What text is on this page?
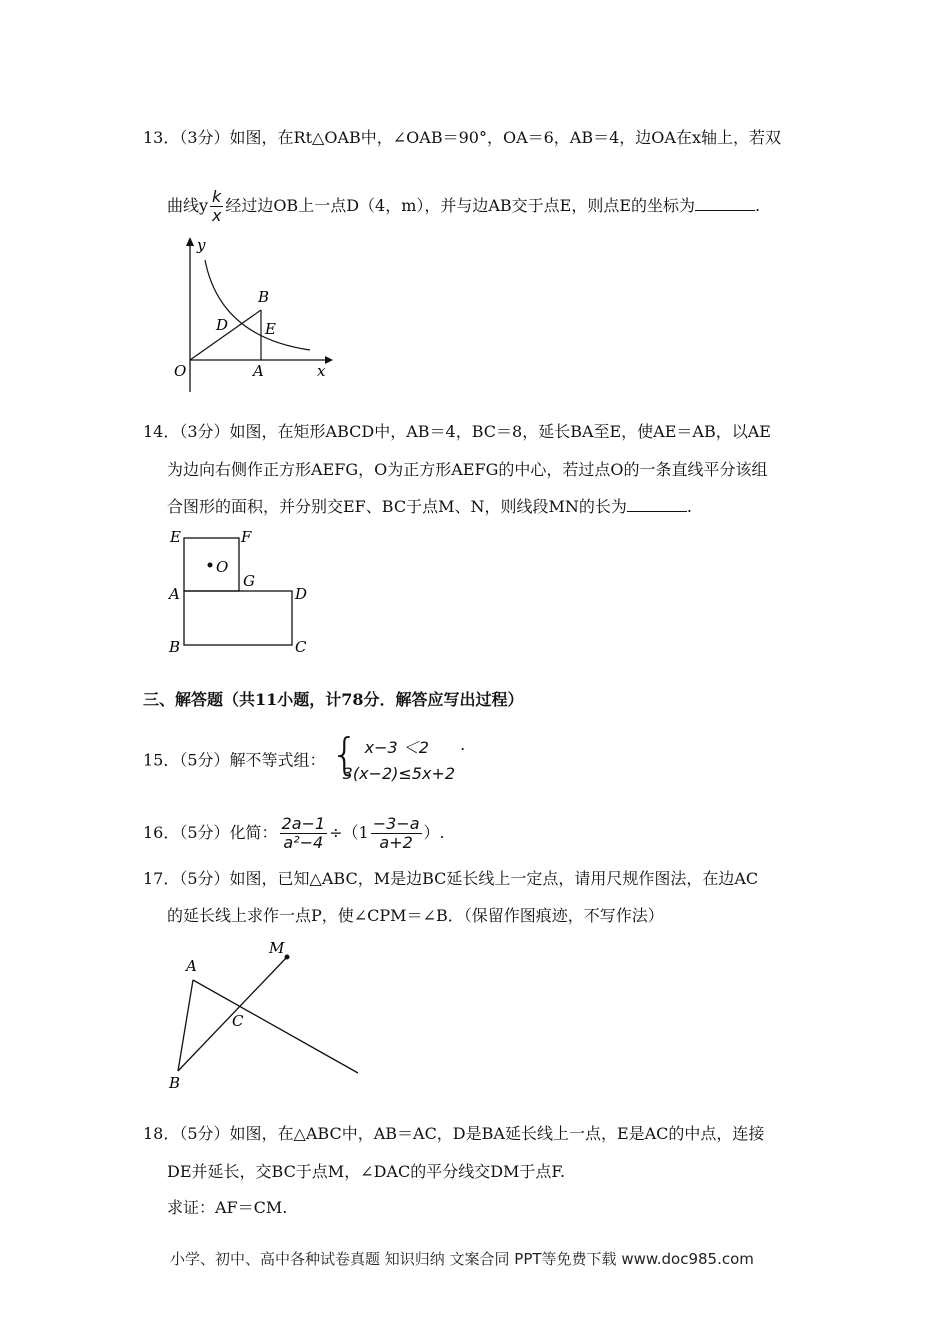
13．（3分）如图，在Rt△OAB中，∠OAB＝90°，OA＝6，AB＝4，边OA在x轴上，若双
曲线y $\frac{k}{x}$ 经过边OB上一点D（4，m），并与边AB交于点E，则点E的坐标为	.
y
B
D E
O	A	x
14．（3分）如图，在矩形ABCD中，AB＝4，BC＝8，延长BA至E，使AE＝AB，以AE
为边向右侧作正方形AEFG，O为正方形AEFG的中心，若过点O的一条直线平分该组
合图形的面积，并分别交EF、BC于点M、N，则线段MN的长为	.
E	F
O
G
A	D
B	C
三、解答题（共11小题，计78分．解答应写出过程）
15．（5分）解不等式组： { x−3 ＜2
3(x−2)≤5x+2
.
16．（5分）化简： $\frac{2a-1}{\text{a²−4}} \div(1 \frac{-3-a}{a+2}$ ）.
17．（5分）如图，已知△ABC，M是边BC延长线上一定点，请用尺规作图法，在边AC
的延长线上求作一点P，使∠CPM＝∠B．（保留作图痕迹，不写作法）
M
A
C
B
18．（5分）如图，在△ABC中，AB＝AC，D是BA延长线上一点，E是AC的中点，连接
DE并延长，交BC于点M，∠DAC的平分线交DM于点F.
求证：AF＝CM.
小学、初中、高中各种试卷真题 知识归纳 文案合同 PPT等免费下载 www.doc985.com
